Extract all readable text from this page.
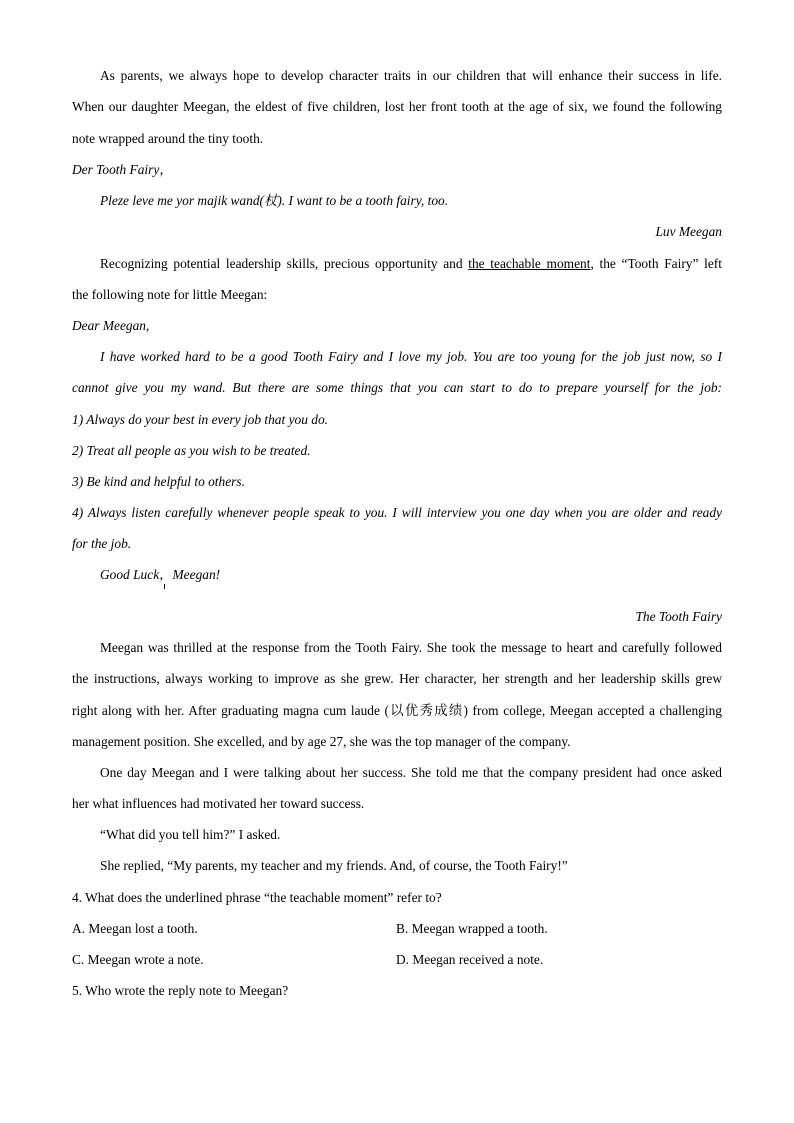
As parents, we always hope to develop character traits in our children that will enhance their success in life.
When our daughter Meegan, the eldest of five children, lost her front tooth at the age of six, we found the following
note wrapped around the tiny tooth.
Der Tooth Fairy，
Pleze leve me yor majik wand(杖). I want to be a tooth fairy, too.
Luv Meegan
Recognizing potential leadership skills, precious opportunity and the teachable moment, the “Tooth Fairy” left
the following note for little Meegan:
Dear Meegan,
I have worked hard to be a good Tooth Fairy and I love my job. You are too young for the job just now, so I
cannot give you my wand. But there are some things that you can start to do to prepare yourself for the job:
1) Always do your best in every job that you do.
2) Treat all people as you wish to be treated.
3) Be kind and helpful to others.
4) Always listen carefully whenever people speak to you. I will interview you one day when you are older and ready
for the job.
Good Luck，Meegan!
The Tooth Fairy
Meegan was thrilled at the response from the Tooth Fairy. She took the message to heart and carefully followed
the instructions, always working to improve as she grew. Her character, her strength and her leadership skills grew
right along with her. After graduating magna cum laude (以优秀成绩) from college, Meegan accepted a challenging
management position. She excelled, and by age 27, she was the top manager of the company.
One day Meegan and I were talking about her success. She told me that the company president had once asked
her what influences had motivated her toward success.
“What did you tell him?” I asked.
She replied, “My parents, my teacher and my friends. And, of course, the Tooth Fairy!”
4. What does the underlined phrase “the teachable moment” refer to?
A. Meegan lost a tooth.	B. Meegan wrapped a tooth.
C. Meegan wrote a note.	D. Meegan received a note.
5. Who wrote the reply note to Meegan?
